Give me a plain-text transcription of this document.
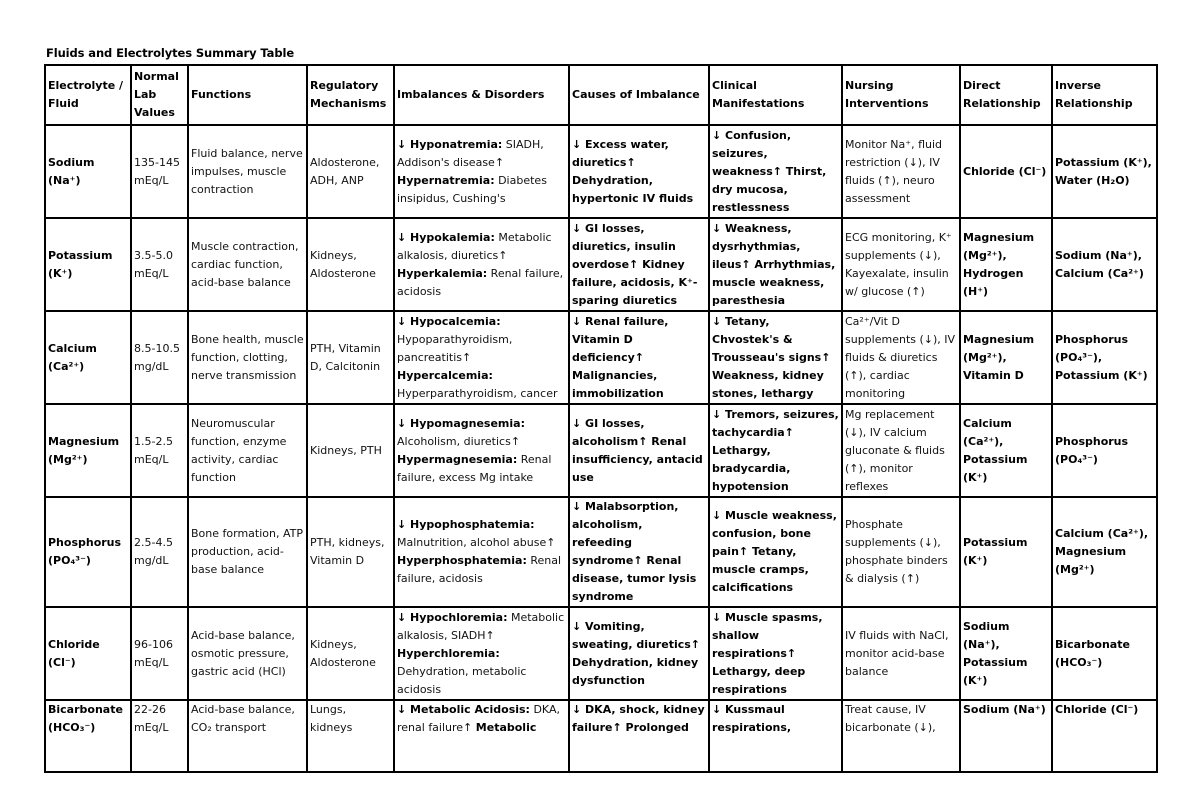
Fluids and Electrolytes Summary Table
Electrolyte / Fluid	Normal Lab Values	Functions	Regulatory Mechanisms	Imbalances & Disorders	Causes of Imbalance	Clinical Manifestations	Nursing Interventions	Direct Relationship	Inverse Relationship
Sodium (Na⁺)	135-145 mEq/L	Fluid balance, nerve impulses, muscle contraction	Aldosterone, ADH, ANP	↓ Hyponatremia: SIADH, Addison's disease↑ Hypernatremia: Diabetes insipidus, Cushing's	↓ Excess water, diuretics↑ Dehydration, hypertonic IV fluids	↓ Confusion, seizures, weakness↑ Thirst, dry mucosa, restlessness	Monitor Na⁺, fluid restriction (↓), IV fluids (↑), neuro assessment	Chloride (Cl⁻)	Potassium (K⁺), Water (H₂O)
Potassium (K⁺)	3.5-5.0 mEq/L	Muscle contraction, cardiac function, acid-base balance	Kidneys, Aldosterone	↓ Hypokalemia: Metabolic alkalosis, diuretics↑ Hyperkalemia: Renal failure, acidosis	↓ GI losses, diuretics, insulin overdose↑ Kidney failure, acidosis, K⁺-sparing diuretics	↓ Weakness, dysrhythmias, ileus↑ Arrhythmias, muscle weakness, paresthesia	ECG monitoring, K⁺ supplements (↓), Kayexalate, insulin w/ glucose (↑)	Magnesium (Mg²⁺), Hydrogen (H⁺)	Sodium (Na⁺), Calcium (Ca²⁺)
Calcium (Ca²⁺)	8.5-10.5 mg/dL	Bone health, muscle function, clotting, nerve transmission	PTH, Vitamin D, Calcitonin	↓ Hypocalcemia: Hypoparathyroidism, pancreatitis↑ Hypercalcemia: Hyperparathyroidism, cancer	↓ Renal failure, Vitamin D deficiency↑ Malignancies, immobilization	↓ Tetany, Chvostek's & Trousseau's signs↑ Weakness, kidney stones, lethargy	Ca²⁺/Vit D supplements (↓), IV fluids & diuretics (↑), cardiac monitoring	Magnesium (Mg²⁺), Vitamin D	Phosphorus (PO₄³⁻), Potassium (K⁺)
Magnesium (Mg²⁺)	1.5-2.5 mEq/L	Neuromuscular function, enzyme activity, cardiac function	Kidneys, PTH	↓ Hypomagnesemia: Alcoholism, diuretics↑ Hypermagnesemia: Renal failure, excess Mg intake	↓ GI losses, alcoholism↑ Renal insufficiency, antacid use	↓ Tremors, seizures, tachycardia↑ Lethargy, bradycardia, hypotension	Mg replacement (↓), IV calcium gluconate & fluids (↑), monitor reflexes	Calcium (Ca²⁺), Potassium (K⁺)	Phosphorus (PO₄³⁻)
Phosphorus (PO₄³⁻)	2.5-4.5 mg/dL	Bone formation, ATP production, acid-base balance	PTH, kidneys, Vitamin D	↓ Hypophosphatemia: Malnutrition, alcohol abuse↑ Hyperphosphatemia: Renal failure, acidosis	↓ Malabsorption, alcoholism, refeeding syndrome↑ Renal disease, tumor lysis syndrome	↓ Muscle weakness, confusion, bone pain↑ Tetany, muscle cramps, calcifications	Phosphate supplements (↓), phosphate binders & dialysis (↑)	Potassium (K⁺)	Calcium (Ca²⁺), Magnesium (Mg²⁺)
Chloride (Cl⁻)	96-106 mEq/L	Acid-base balance, osmotic pressure, gastric acid (HCl)	Kidneys, Aldosterone	↓ Hypochloremia: Metabolic alkalosis, SIADH↑ Hyperchloremia: Dehydration, metabolic acidosis	↓ Vomiting, sweating, diuretics↑ Dehydration, kidney dysfunction	↓ Muscle spasms, shallow respirations↑ Lethargy, deep respirations	IV fluids with NaCl, monitor acid-base balance	Sodium (Na⁺), Potassium (K⁺)	Bicarbonate (HCO₃⁻)
Bicarbonate (HCO₃⁻)	22-26 mEq/L	Acid-base balance, CO₂ transport	Lungs, kidneys	↓ Metabolic Acidosis: DKA, renal failure↑ Metabolic	↓ DKA, shock, kidney failure↑ Prolonged	↓ Kussmaul respirations,	Treat cause, IV bicarbonate (↓),	Sodium (Na⁺)	Chloride (Cl⁻)
